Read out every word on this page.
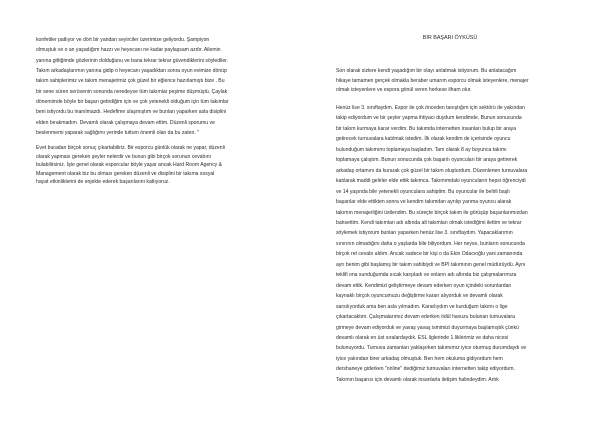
konfetiler patlıyor ve dört bir yandan seyirciler üzerimize geliyordu. Şampiyon
olmuştuk ve o an yaşadığım hazzı ve heyecanı ne kadar paylaşsam azdır. Ailemin
yanına gittiğimde gözlerinin dolduğunu ve bana tekrar tekrar güvendiklerini söylediler.
Takım arkadaşlarımın yanına gidip o heyecanı yaşadıktan sonra oyun evimize dönüp
takım sahiplerimiz ve takım menajerimiz çok güzel bir eğlence hazırlamıştı bize . Bu
bir sene süren serüvenin sonunda neredeyse tüm takımlar peşime düşmüştü. Çaylak
dönemimde böyle bir başarı getirdiğim için ve çok yetenekli olduğum için tüm takımlar
beni istiyordu bu inanılmazdı. Hedefime ulaşmıştım ve bunları yaparken asla disiplini
elden bırakmadım. Devamlı olarak çalışmaya devam ettim. Düzenli sporumu ve
beslenmemi yaparak sağlığımı yerinde tuttum önemli olan da bu zaten. "
Evet buradan birçok sonuç çıkartabiliriz. Bir esporcu günlük olarak ne yapar, düzenli
olarak yapması gereken şeyler nelerdir ve bunun gibi birçok sorunun cevabını
bulabilirsiniz. İşte genel olarak esporcular böyle yaşar ancak Hard Room Agency &
Management olarak biz bu olması gereken düzenli ve disiplini bir takıma sosyal
hayat etkinliklerini de enjekte ederek başarılarını katlıyoruz.
BİR BAŞARI ÖYKÜSÜ
Son olarak sizlere kendi yaşadığım bir olayı anlatmak istiyorum. Bu anlatacağım
hikaye tamamen gerçek olmakla beraber umarım esporcu olmak isteyenlere, menajer
olmak isteyenlere ve espora gönül veren herkese ilham olur.
Henüz lise 3. sınıftaydım. Espor ile çok önceden tanıştığım için sektörü de yakından
takip ediyordum ve bir şeyler yapma ihtiyacı duydum kendimde. Bunun sonucunda
bir takım kurmaya karar verdim. Bu takımda internetten insanları bulup bir araya
getirecek turnuvalara katılmak istedim. İlk olarak kendim de içerisinde oyuncu
bulunduğum takımımı toplamaya başladım. Tam olarak 8 ay boyunca takımı
toplamaya çalıştım. Bunun sonucunda çok başarılı oyuncuları bir araya getirerek
arkadaş ortamını da kurarak çok güzel bir takım oluşturdum. Düzenlenen turnuvalara
katılarak maddi gelirler elde ettik takımca. Takımımdaki oyuncuların hepsi öğrenciydi
ve 14 yaşında bile yetenekli oyunculara sahiptim. Bu oyuncular ile belirli başlı
başarılar elde ettikten sonra ve kendim takımdan ayrılıp yarıma oyuncu alarak
takımın menajerliğini üstlendim. Bu süreçte birçok takım ile görüşüp başarılarımızdan
bahsettim. Kendi takımları adı altında alt takımları olmak istediğimi ilettim ve tekrar
söylemek istiyorum bunları yaparken henüz lise 3. sınıftaydım. Yapacaklarımın
sınırının olmadığını daha o yaşlarda bile biliyordum. Her neyse, bunların sonucunda
birçok ret cevabı aldım. Ancak sadece bir kişi o da Ekin Odacıoğlu yani zamanında
ayrı benim gibi başlamış bir takım sahibiydi ve BPI takımının genel müdürüydü. Aynı
teklifi ona sunduğumda sıcak karşıladı ve onların adı altında biz çalışmalarımıza
devam ettik. Kendimizi geliştirmeye devam ederken oyun içindeki sorunlardan
kaynaklı birçok oyuncumuzu değiştirme kararı alıyorduk ve devamlı olarak
sarsılıyorduk ama ben asla yılmadım. Kararlıydım ve kurduğum takımı o lige
çıkartacaktım. Çalışmalarımız devam ederken ödül havuzu bulunan turnuvalara
girmeye devam ediyorduk ve yavaş yavaş ismimizi duyurmaya başlamıştık çünkü
devamlı olarak en üst sıralardaydık. ESL liglerinde 1.liklerimiz ve daha nicesi
bulunuyordu. Turnuva zamanları yaklaşırken takımımız iyice oturmuş durumdaydı ve
iyice yakından birer arkadaş olmuştuk. Ben hem okuluma gidiyordum hem
dershaneye giderken "online" dediğimiz turnuvaları internetten takip ediyordum.
Takımın başarısı için devamlı olarak insanlarla iletişim halindeydim. Artık
